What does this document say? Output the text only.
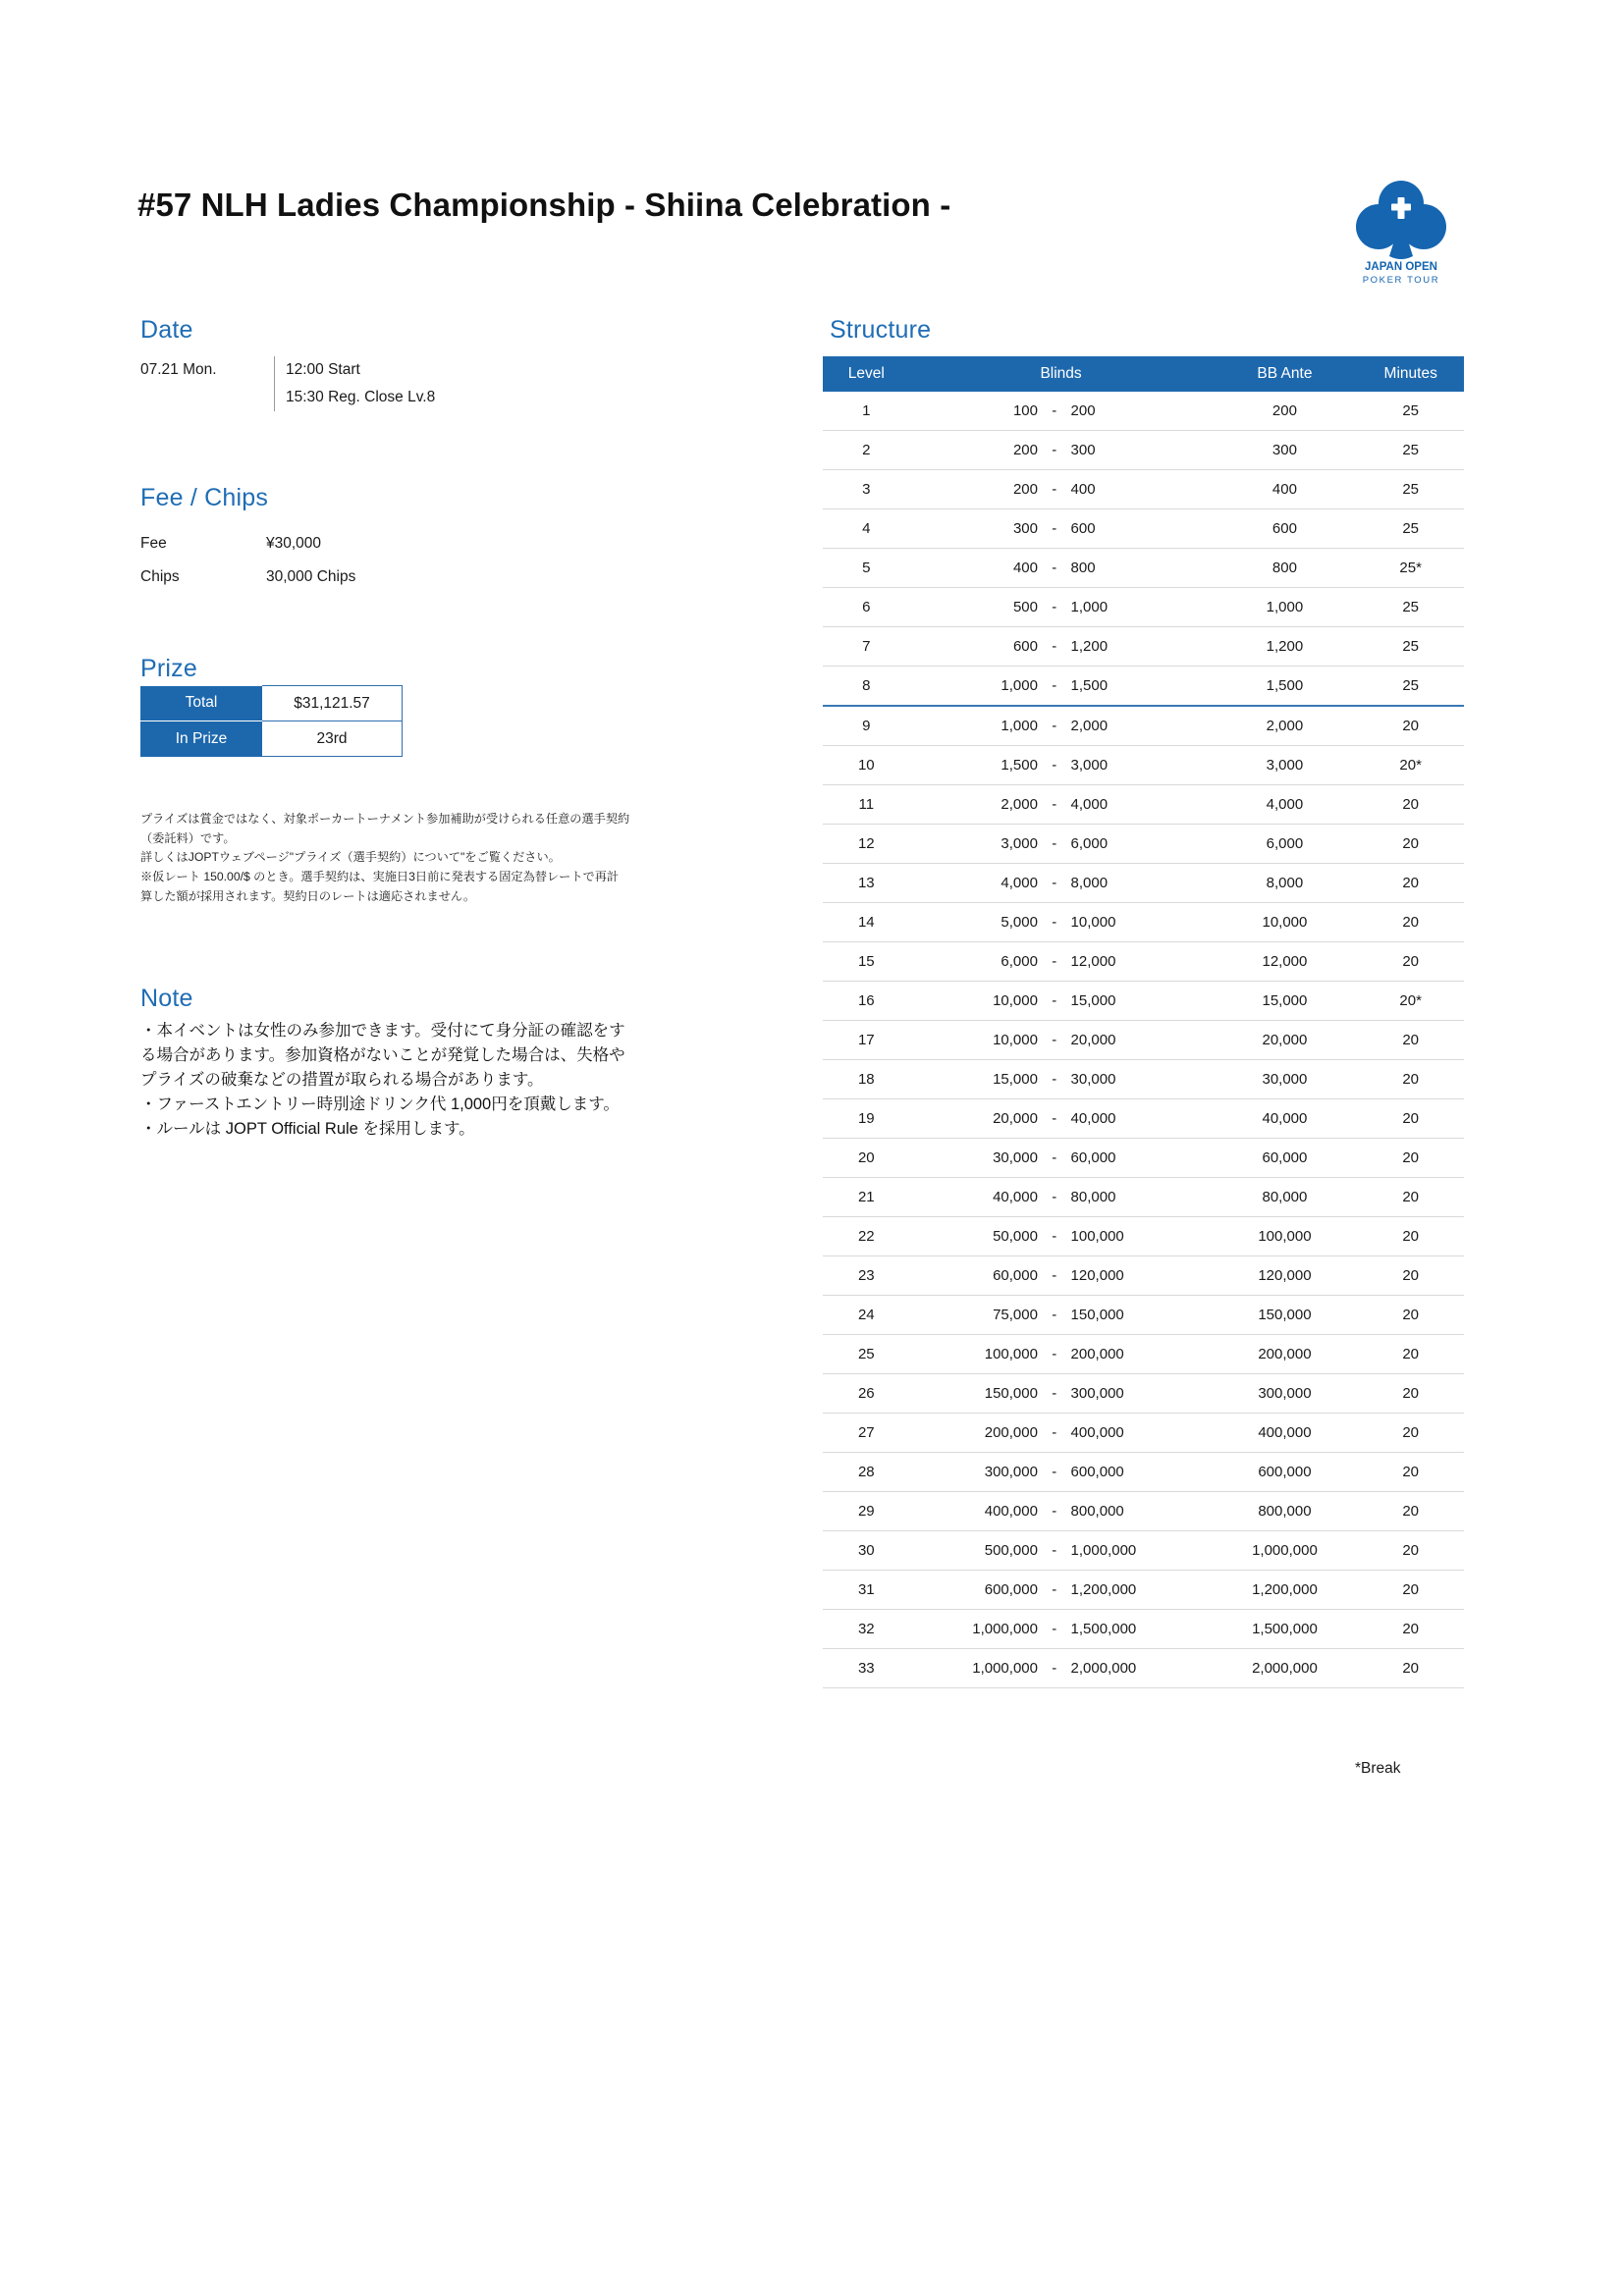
#57 NLH Ladies Championship - Shiina Celebration -
JAPAN OPEN
POKER TOUR
Date
07.21 Mon.	12:00 Start
	15:30 Reg. Close Lv.8
Fee / Chips
Fee	¥30,000
Chips	30,000 Chips
Prize
Total	$31,121.57
In Prize	23rd

プライズは賞金ではなく、対象ポーカートーナメント参加補助が受けられる任意の選手契約

（委託料）です。

詳しくはJOPTウェブページ"プライズ（選手契約）について"をご覧ください。

※仮レート 150.00/$ のとき。選手契約は、実施日3日前に発表する固定為替レートで再計

算した額が採用されます。契約日のレートは適応されません。

Note

・本イベントは女性のみ参加できます。受付にて身分証の確認をす

る場合があります。参加資格がないことが発覚した場合は、失格や

プライズの破棄などの措置が取られる場合があります。

・ファーストエントリー時別途ドリンク代 1,000円を頂戴します。

・ルールは JOPT Official Rule を採用します。

Structure
Level	Blinds			BB Ante	Minutes
1	100	-	200	200	25
2	200	-	300	300	25
3	200	-	400	400	25
4	300	-	600	600	25
5	400	-	800	800	25*
6	500	-	1,000	1,000	25
7	600	-	1,200	1,200	25
8	1,000	-	1,500	1,500	25
9	1,000	-	2,000	2,000	20
10	1,500	-	3,000	3,000	20*
11	2,000	-	4,000	4,000	20
12	3,000	-	6,000	6,000	20
13	4,000	-	8,000	8,000	20
14	5,000	-	10,000	10,000	20
15	6,000	-	12,000	12,000	20
16	10,000	-	15,000	15,000	20*
17	10,000	-	20,000	20,000	20
18	15,000	-	30,000	30,000	20
19	20,000	-	40,000	40,000	20
20	30,000	-	60,000	60,000	20
21	40,000	-	80,000	80,000	20
22	50,000	-	100,000	100,000	20
23	60,000	-	120,000	120,000	20
24	75,000	-	150,000	150,000	20
25	100,000	-	200,000	200,000	20
26	150,000	-	300,000	300,000	20
27	200,000	-	400,000	400,000	20
28	300,000	-	600,000	600,000	20
29	400,000	-	800,000	800,000	20
30	500,000	-	1,000,000	1,000,000	20
31	600,000	-	1,200,000	1,200,000	20
32	1,000,000	-	1,500,000	1,500,000	20
33	1,000,000	-	2,000,000	2,000,000	20
*Break
